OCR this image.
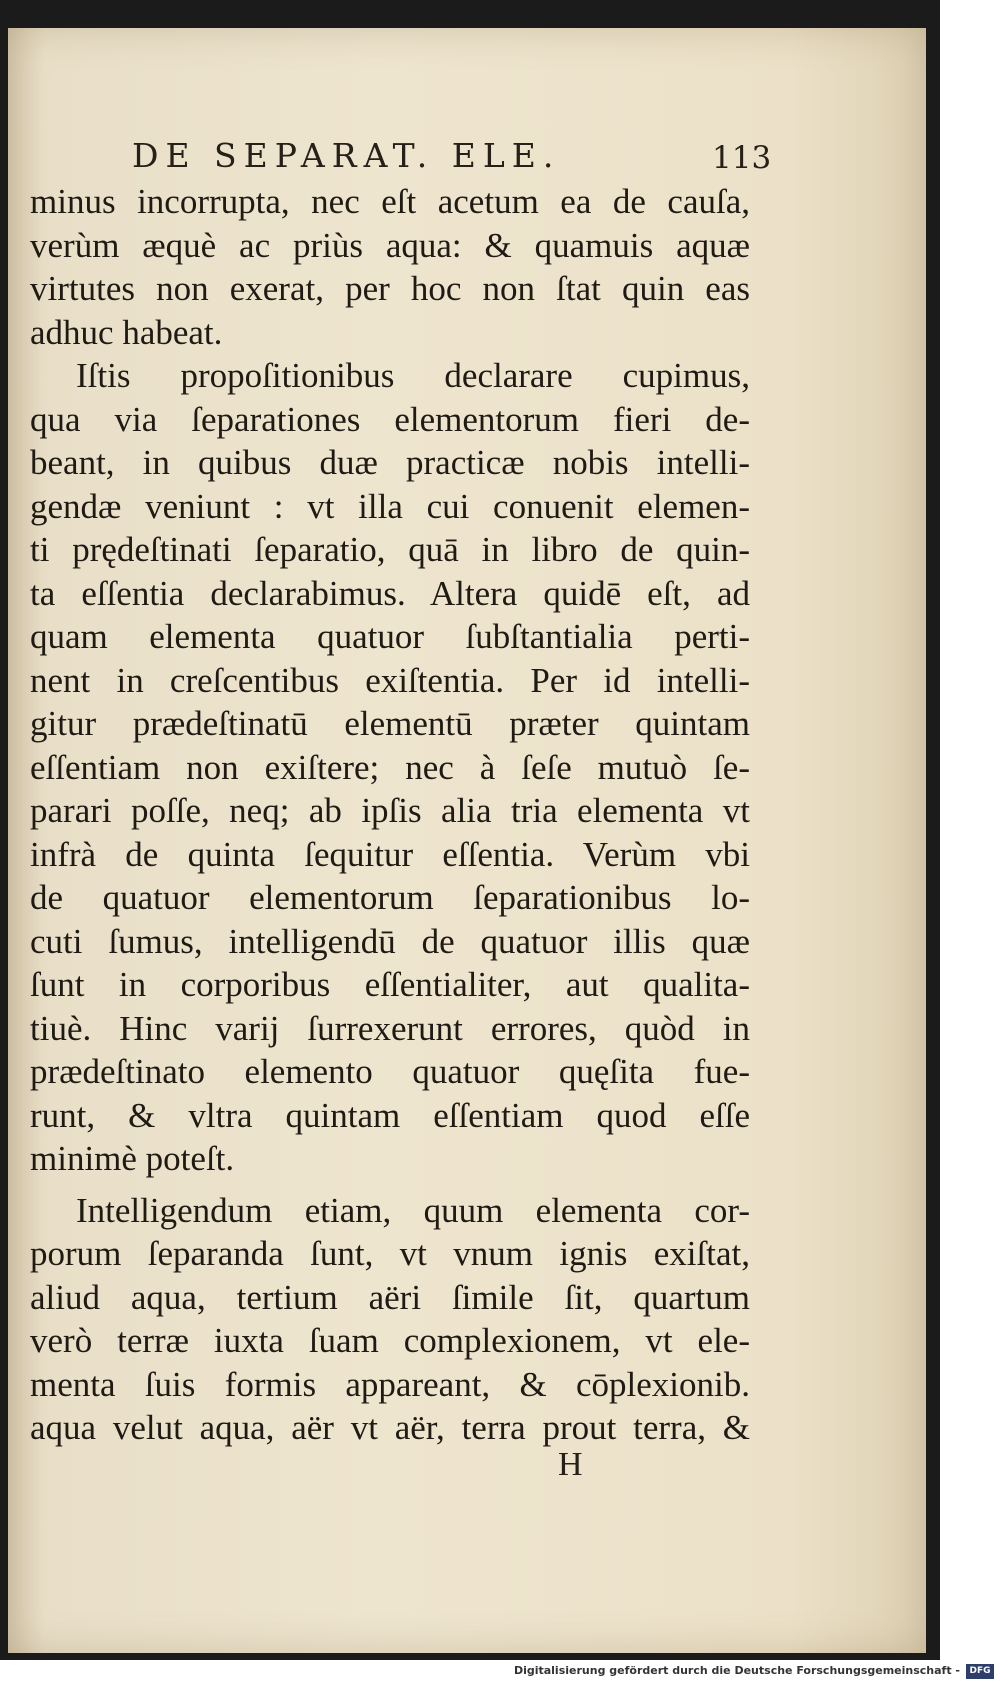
DE SEPARAT. ELE.	113
minus incorrupta, nec eſt acetum ea de cauſa,
verùm æquè ac priùs aqua: & quamuis aquæ
virtutes non exerat, per hoc non ſtat quin eas
adhuc habeat.
Iſtis propoſitionibus declarare cupimus,
qua via ſeparationes elementorum fieri de-
beant, in quibus duæ practicæ nobis intelli-
gendæ veniunt : vt illa cui conuenit elemen-
ti prędeſtinati ſeparatio, quā in libro de quin-
ta eſſentia declarabimus. Altera quidē eſt, ad
quam elementa quatuor ſubſtantialia perti-
nent in creſcentibus exiſtentia. Per id intelli-
gitur prædeſtinatū elementū præter quintam
eſſentiam non exiſtere; nec à ſeſe mutuò ſe-
parari poſſe, neq; ab ipſis alia tria elementa vt
infrà de quinta ſequitur eſſentia. Verùm vbi
de quatuor elementorum ſeparationibus lo-
cuti ſumus, intelligendū de quatuor illis quæ
ſunt in corporibus eſſentialiter, aut qualita-
tiuè. Hinc varij ſurrexerunt errores, quòd in
prædeſtinato elemento quatuor quęſita fue-
runt, & vltra quintam eſſentiam quod eſſe
minimè poteſt.
Intelligendum etiam, quum elementa cor-
porum ſeparanda ſunt, vt vnum ignis exiſtat,
aliud aqua, tertium aëri ſimile ſit, quartum
verò terræ iuxta ſuam complexionem, vt ele-
menta ſuis formis appareant, & cōplexionib.
aqua velut aqua, aër vt aër, terra prout terra, &
H
Digitalisierung gefördert durch die Deutsche Forschungsgemeinschaft -	DFG
